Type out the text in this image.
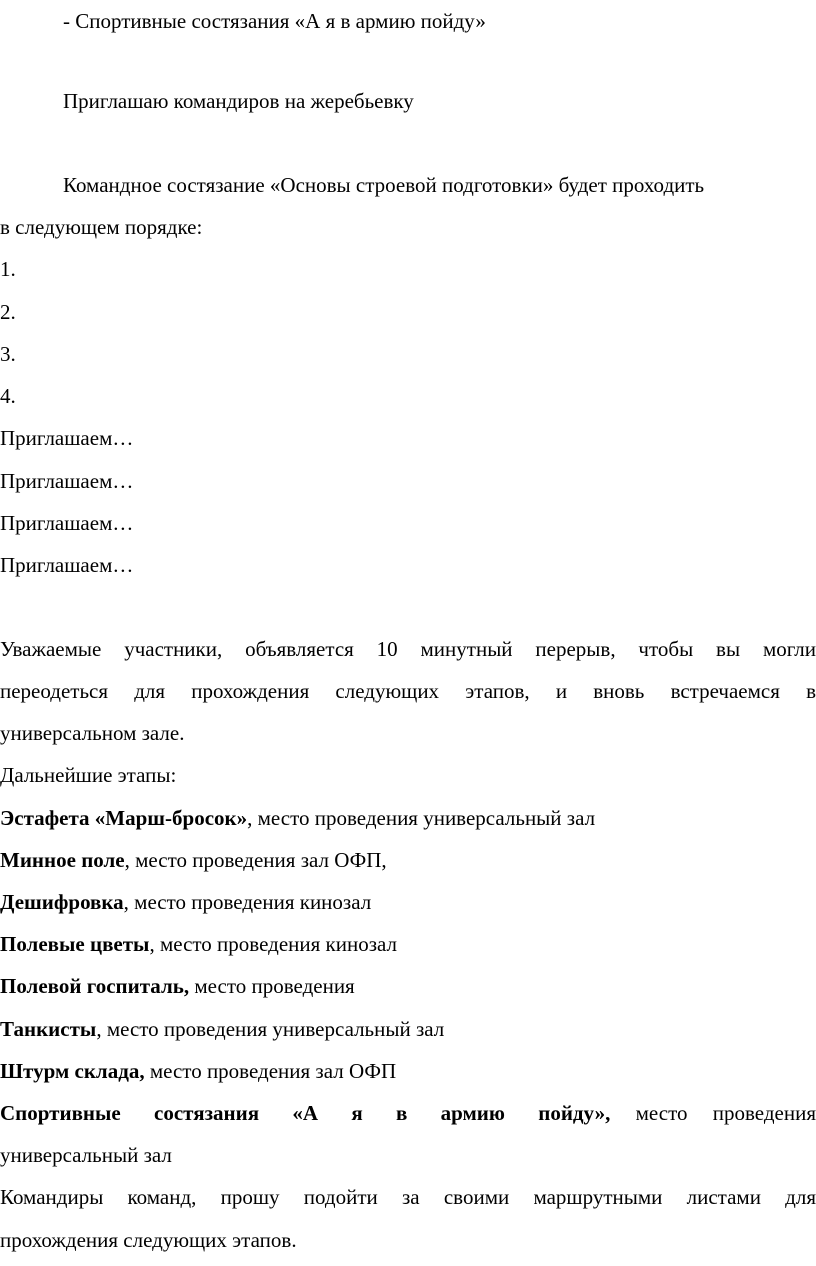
- Спортивные состязания «А я в армию пойду»
Приглашаю командиров на жеребьевку
Командное состязание «Основы строевой подготовки» будет проходить
в следующем порядке:
1.
2.
3.
4.
Приглашаем…
Приглашаем…
Приглашаем…
Приглашаем…
Уважаемые участники, объявляется 10 минутный перерыв, чтобы вы могли
переодеться для прохождения следующих этапов, и вновь встречаемся в
универсальном зале.
Дальнейшие этапы:
Эстафета «Марш-бросок», место проведения универсальный зал
Минное поле, место проведения зал ОФП,
Дешифровка, место проведения кинозал
Полевые цветы, место проведения кинозал
Полевой госпиталь, место проведения
Танкисты, место проведения универсальный зал
Штурм склада, место проведения зал ОФП
Спортивные состязания «А я в армию пойду», место проведения
универсальный зал
Командиры команд, прошу подойти за своими маршрутными листами для
прохождения следующих этапов.
